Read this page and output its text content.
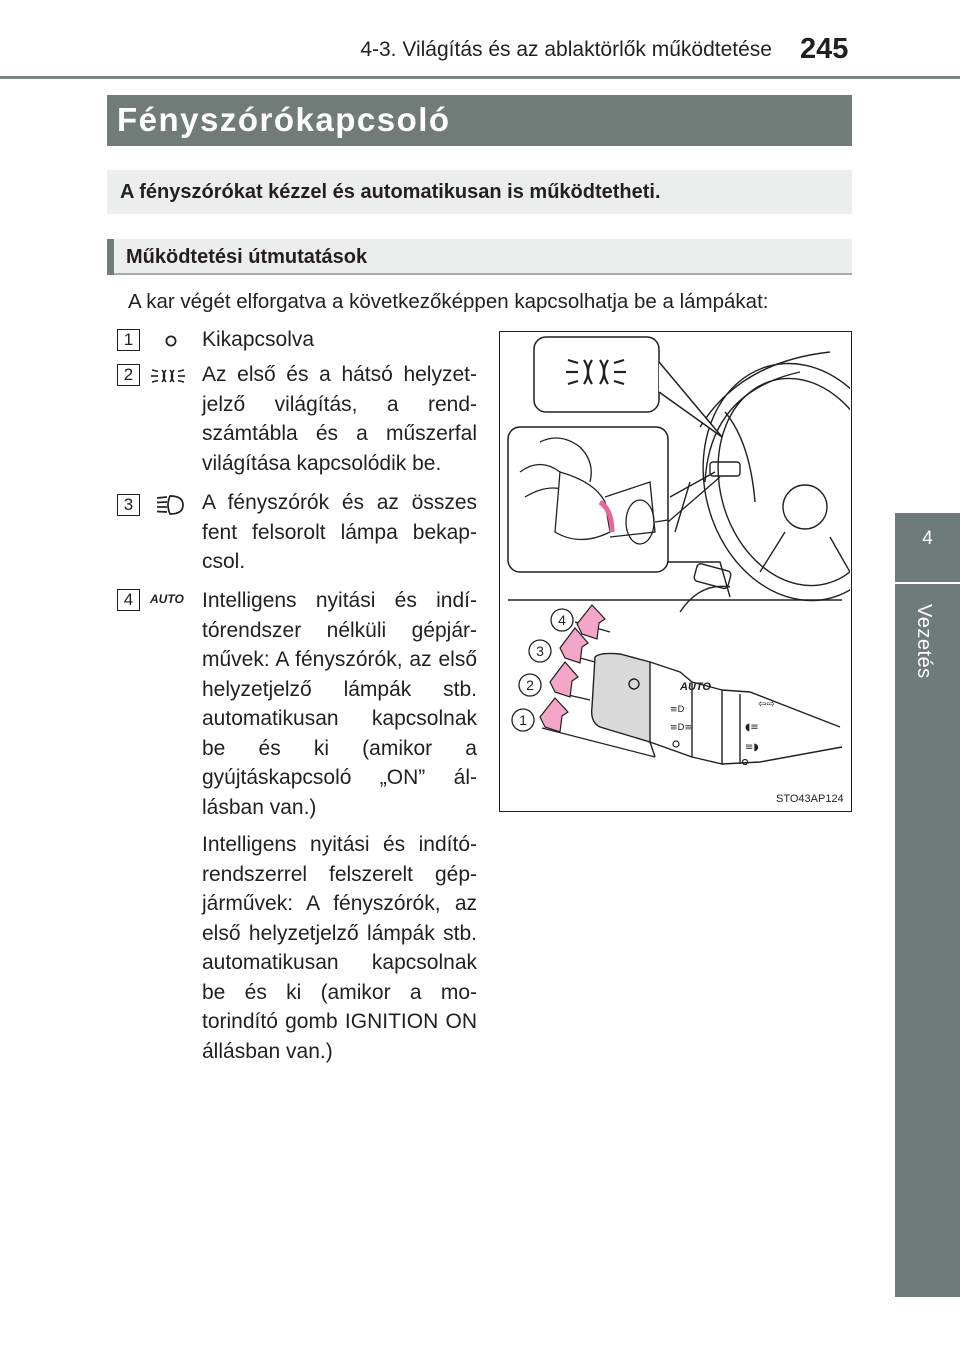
4-3. Világítás és az ablaktörlők működtetése 245
4
Vezetés
Fényszórókapcsoló
A fényszórókat kézzel és automatikusan is működtetheti.
Működtetési útmutatások
A kar végét elforgatva a következőképpen kapcsolhatja be a lámpákat:
1	Kikapcsolva
2	Az első és a hátsó helyzetjelző világítás, a rendszámtábla és a műszerfal világítása kapcsolódik be.
3	A fényszórók és az összes fent felsorolt lámpa bekapcsol.
4	AUTO Intelligens nyitási és indítórendszer nélküli gépjárművek: A fényszórók, az első helyzetjelző lámpák stb. automatikusan kapcsolnak be és ki (amikor a gyújtáskapcsoló „ON” állásban van.)
Intelligens nyitási és indítórendszerrel felszerelt gépjárművek: A fényszórók, az első helyzetjelző lámpák stb. automatikusan kapcsolnak be és ki (amikor a motorindító gomb IGNITION ON állásban van.)
AUTO
≡D
≡D≡
⇦⇨
◖≡
≡◗
1
2
3
4
STO43AP124
